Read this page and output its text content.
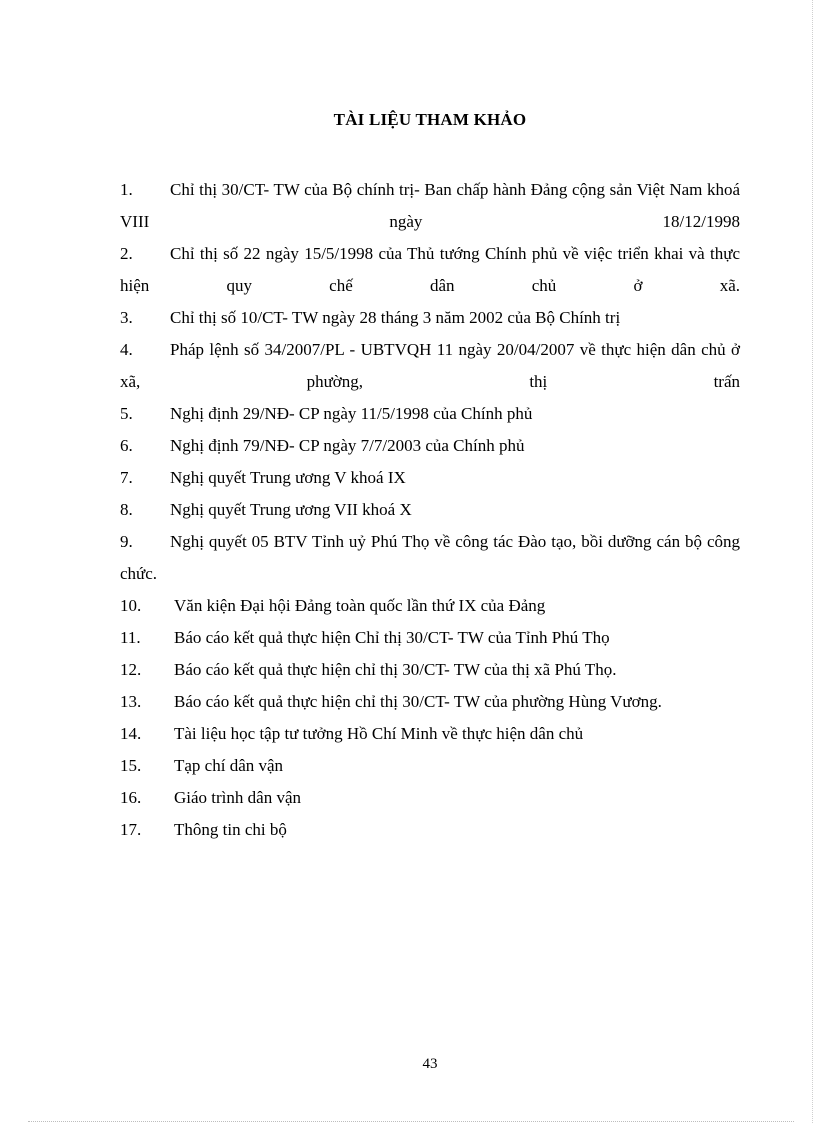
TÀI LIỆU THAM KHẢO
1. Chỉ thị 30/CT- TW của Bộ chính trị- Ban chấp hành Đảng cộng sản Việt Nam khoá VIII ngày 18/12/1998
2. Chỉ thị số 22 ngày 15/5/1998 của Thủ tướng Chính phủ về việc triển khai và thực hiện quy chế dân chủ ở xã.
3. Chỉ thị số 10/CT- TW ngày 28 tháng 3 năm 2002 của Bộ Chính trị
4. Pháp lệnh số 34/2007/PL - UBTVQH 11 ngày 20/04/2007 về thực hiện dân chủ ở xã, phường, thị trấn
5. Nghị định 29/NĐ- CP ngày 11/5/1998 của Chính phủ
6. Nghị định 79/NĐ- CP ngày 7/7/2003 của Chính phủ
7. Nghị quyết Trung ương V khoá IX
8. Nghị quyết Trung ương VII khoá X
9. Nghị quyết 05 BTV Tỉnh uỷ Phú Thọ về công tác Đào tạo, bồi dưỡng cán bộ công chức.
10. Văn kiện Đại hội Đảng toàn quốc lần thứ IX của Đảng
11. Báo cáo kết quả thực hiện Chỉ thị 30/CT- TW của Tỉnh Phú Thọ
12. Báo cáo kết quả thực hiện chỉ thị 30/CT- TW của thị xã Phú Thọ.
13. Báo cáo kết quả thực hiện chỉ thị 30/CT- TW của phường Hùng Vương.
14. Tài liệu học tập tư tưởng Hồ Chí Minh về thực hiện dân chủ
15. Tạp chí dân vận
16. Giáo trình dân vận
17. Thông tin chi bộ
43
